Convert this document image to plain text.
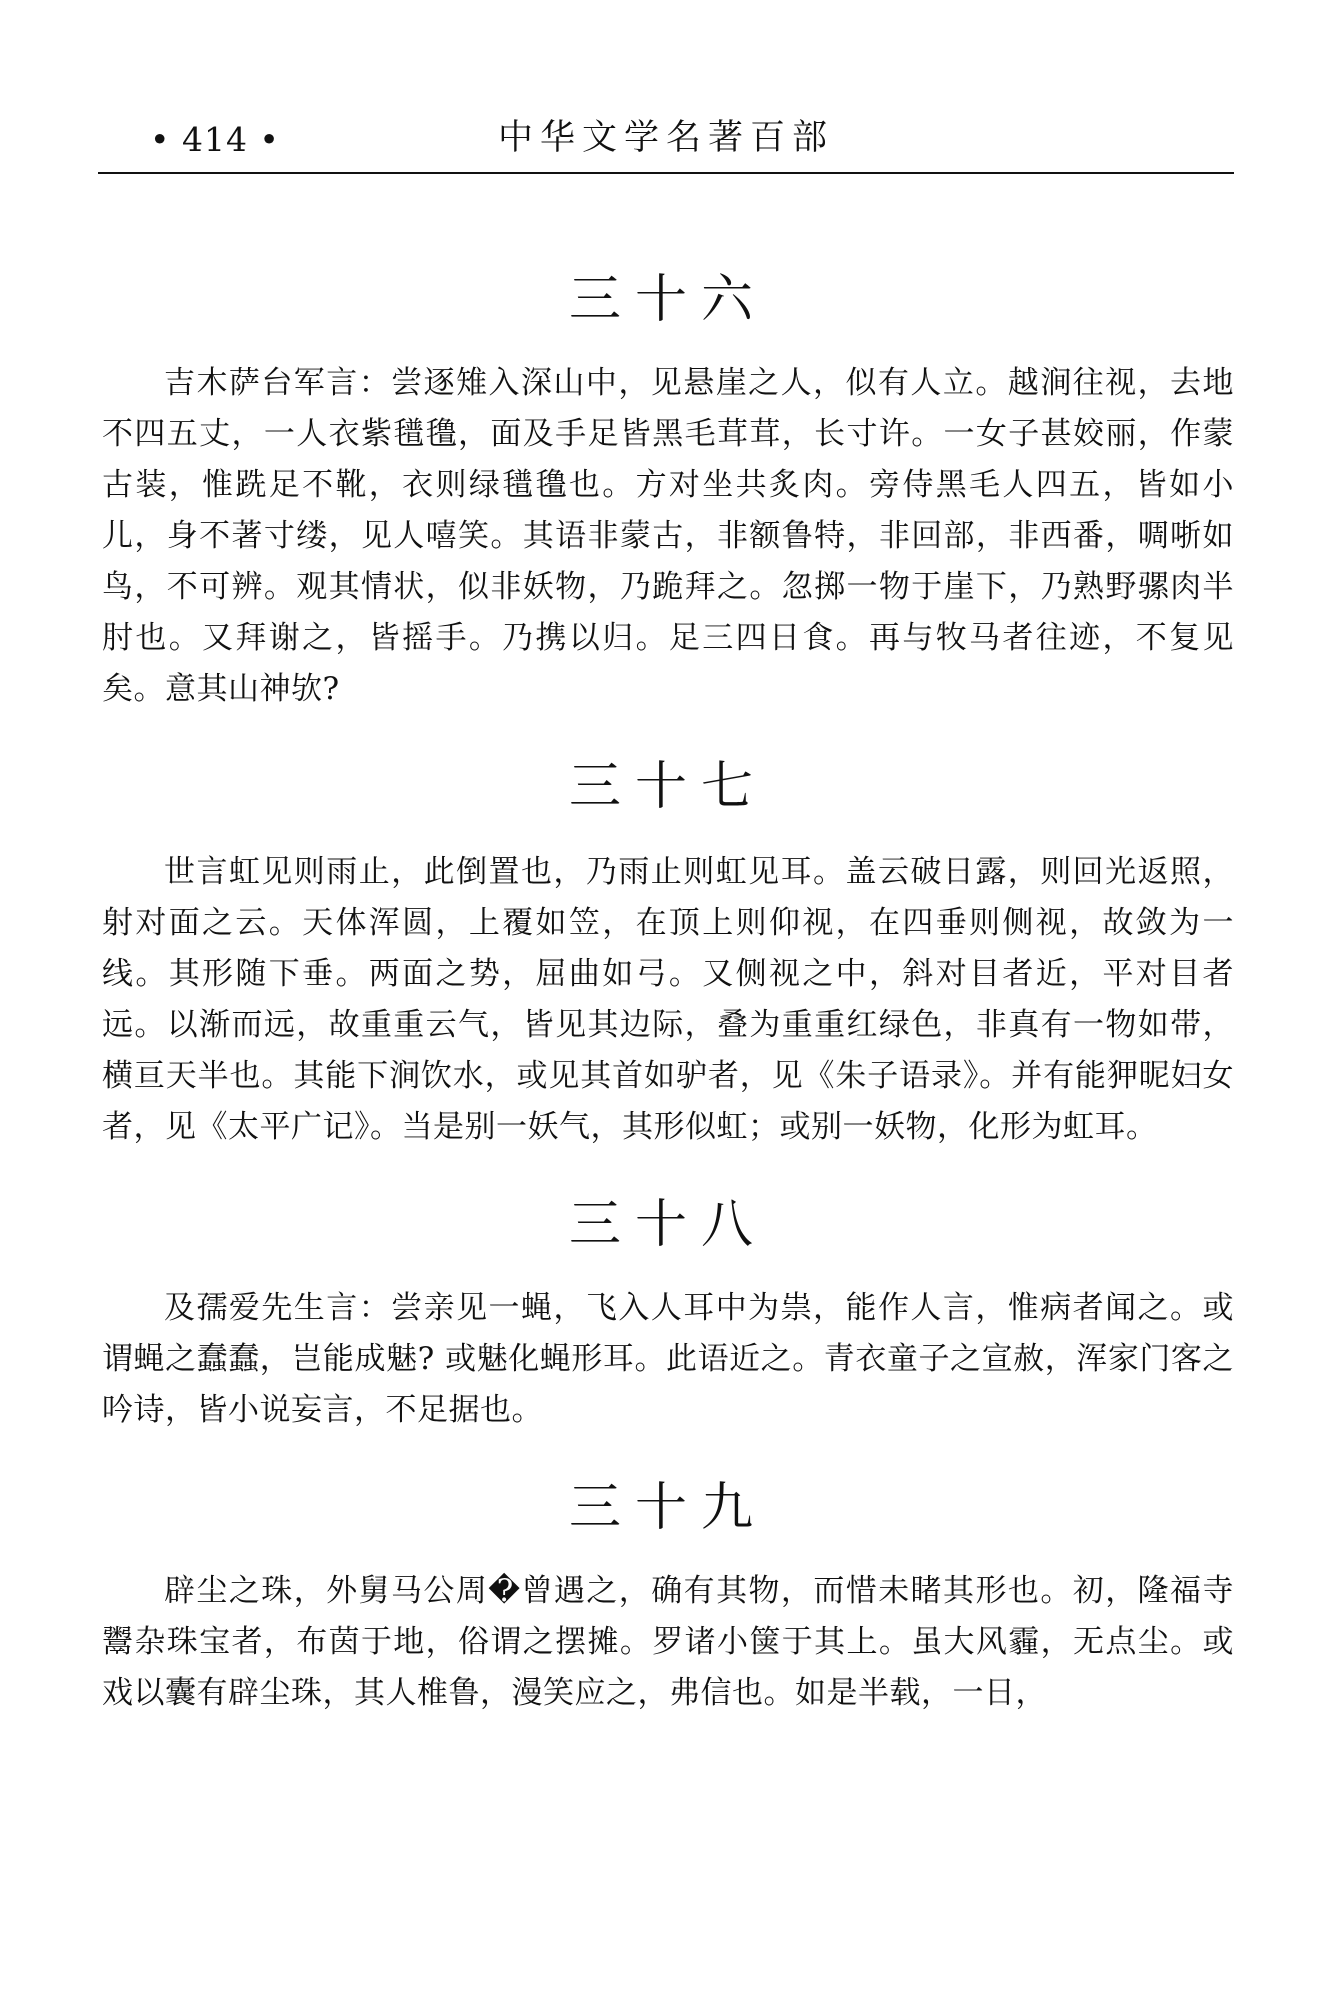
• 414 •	中华文学名著百部
三十六

吉木萨台军言：尝逐雉入深山中，见悬崖之人，似有人立。越涧往视，去地不四五丈，一人衣紫氆氇，面及手足皆黑毛茸茸，长寸许。一女子甚姣丽，作蒙古装，惟跣足不靴，衣则绿氆氇也。方对坐共炙肉。旁侍黑毛人四五，皆如小儿，身不著寸缕，见人嘻笑。其语非蒙古，非额鲁特，非回部，非西番，啁哳如鸟，不可辨。观其情状，似非妖物，乃跪拜之。忽掷一物于崖下，乃熟野骡肉半肘也。又拜谢之，皆摇手。乃携以归。足三四日食。再与牧马者往迹，不复见矣。意其山神欤?

三十七

世言虹见则雨止，此倒置也，乃雨止则虹见耳。盖云破日露，则回光返照，射对面之云。天体浑圆，上覆如笠，在顶上则仰视，在四垂则侧视，故敛为一线。其形随下垂。两面之势，屈曲如弓。又侧视之中，斜对目者近，平对目者远。以渐而远，故重重云气，皆见其边际，叠为重重红绿色，非真有一物如带，横亘天半也。其能下涧饮水，或见其首如驴者，见《朱子语录》。并有能狎昵妇女者，见《太平广记》。当是别一妖气，其形似虹；或别一妖物，化形为虹耳。

三十八

及孺爱先生言：尝亲见一蝇，飞入人耳中为祟，能作人言，惟病者闻之。或谓蝇之蠢蠢，岂能成魅? 或魅化蝇形耳。此语近之。青衣童子之宣赦，浑家门客之吟诗，皆小说妄言，不足据也。

三十九

辟尘之珠，外舅马公周�曾遇之，确有其物，而惜未睹其形也。初，隆福寺鬻杂珠宝者，布茵于地，俗谓之摆摊。罗诸小箧于其上。虽大风霾，无点尘。或戏以囊有辟尘珠，其人椎鲁，漫笑应之，弗信也。如是半载，一日，
